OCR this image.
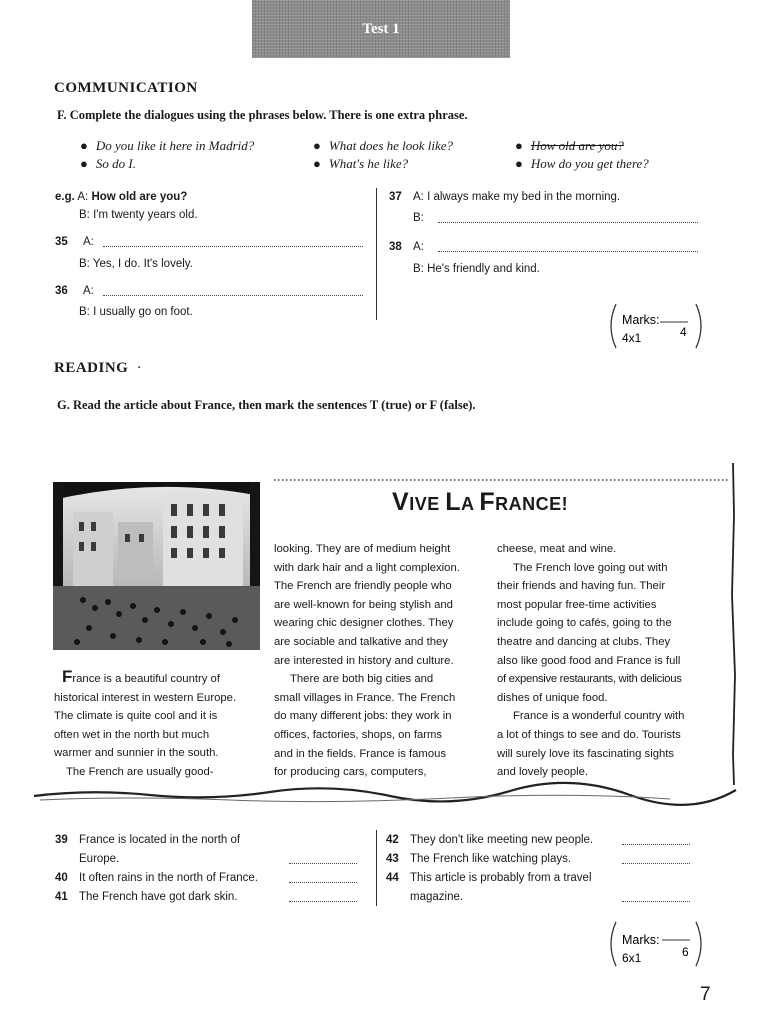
Test 1
COMMUNICATION
F. Complete the dialogues using the phrases below. There is one extra phrase.
● Do you like it here in Madrid?
● So do I.
● What does he look like?
● What's he like?
● How old are you?
● How do you get there?
e.g. A: How old are you?
B: I'm twenty years old.
35 A:
B: Yes, I do. It's lovely.
36 A:
B: I usually go on foot.
37 A: I always make my bed in the morning.
B:
38 A:
B: He's friendly and kind.
Marks:
4
4x1
READING ·
G. Read the article about France, then mark the sentences T (true) or F (false).
VIVE LA FRANCE!
France is a beautiful country of
historical interest in western Europe.
The climate is quite cool and it is
often wet in the north but much
warmer and sunnier in the south.
The French are usually good-
looking. They are of medium height
with dark hair and a light complexion.
The French are friendly people who
are well-known for being stylish and
wearing chic designer clothes. They
are sociable and talkative and they
are interested in history and culture.
There are both big cities and
small villages in France. The French
do many different jobs: they work in
offices, factories, shops, on farms
and in the fields. France is famous
for producing cars, computers,
cheese, meat and wine.
The French love going out with
their friends and having fun. Their
most popular free-time activities
include going to cafés, going to the
theatre and dancing at clubs. They
also like good food and France is full
of expensive restaurants, with delicious
dishes of unique food.
France is a wonderful country with
a lot of things to see and do. Tourists
will surely love its fascinating sights
and lovely people.
39 France is located in the north of
Europe.
40 It often rains in the north of France.
41 The French have got dark skin.
42 They don't like meeting new people.
43 The French like watching plays.
44 This article is probably from a travel
magazine.
Marks:
6
6x1
7
